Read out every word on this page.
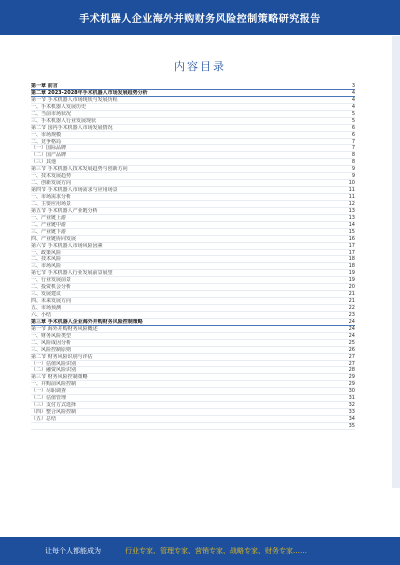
手术机器人企业海外并购财务风险控制策略研究报告
内容目录
第一章 前言	3
第二章 2023-2028年手术机器人市场发展趋势分析	4
第一节 手术机器人市场现状与发展历程	4
一、手术机器人发展历史	4
二、当前市场状况	5
三、手术机器人行业发展现状	5
第二节 国内手术机器人市场发展情况	6
一、市场规模	6
二、竞争格局	7
（一）国际品牌	7
（二）国产品牌	8
（三）其他	8
第三节 手术机器人技术发展趋势与创新方向	9
一、技术发展趋势	9
二、创新发展方向	10
第四节 手术机器人市场需求与应用场景	11
一、市场需求分析	11
二、主要应用场景	12
第五节 手术机器人产业链分析	13
一、产业链上游	13
二、产业链中游	14
三、产业链下游	15
四、产业链协同发展	16
第六节 手术机器人市场风险因素	17
一、政策风险	17
二、技术风险	18
三、市场风险	18
第七节 手术机器人行业发展前景展望	19
一、行业发展前景	19
二、投资机会分析	20
三、发展建议	21
四、未来发展方向	21
五、市场预测	22
六、小结	23
第三章 手术机器人企业海外并购财务风险控制策略	24
第一节 海外并购财务风险概述	24
一、财务风险类型	24
二、风险成因分析	25
三、风险控制原则	26
第二节 财务风险识别与评估	27
（一）估值风险识别	27
（二）融资风险识别	28
第三节 财务风险控制策略	29
一、并购前风险控制	29
（一）尽职调查	30
（二）估值管理	31
（三）支付方式选择	32
（四）整合风险控制	33
（五）总结	34
35
让每个人都能成为	行业专家、管理专家、营销专家、战略专家、财务专家……
